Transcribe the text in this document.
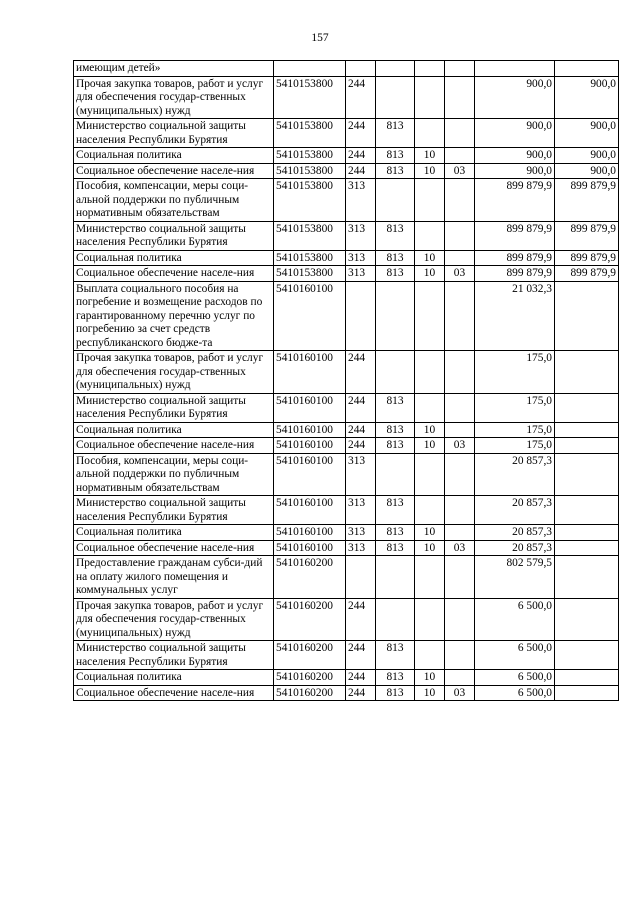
157
имеющим детей»							
Прочая закупка товаров, работ и услуг для обеспечения государ-ственных (муниципальных) нужд	5410153800	244				900,0	900,0
Министерство социальной защиты населения Республики Бурятия	5410153800	244	813			900,0	900,0
Социальная политика	5410153800	244	813	10		900,0	900,0
Социальное обеспечение населе-ния	5410153800	244	813	10	03	900,0	900,0
Пособия, компенсации, меры соци-альной поддержки по публичным нормативным обязательствам	5410153800	313				899 879,9	899 879,9
Министерство социальной защиты населения Республики Бурятия	5410153800	313	813			899 879,9	899 879,9
Социальная политика	5410153800	313	813	10		899 879,9	899 879,9
Социальное обеспечение населе-ния	5410153800	313	813	10	03	899 879,9	899 879,9
Выплата социального пособия на погребение и возмещение расходов по гарантированному перечню услуг по погребению за счет средств республиканского бюдже-та	5410160100					21 032,3	
Прочая закупка товаров, работ и услуг для обеспечения государ-ственных (муниципальных) нужд	5410160100	244				175,0	
Министерство социальной защиты населения Республики Бурятия	5410160100	244	813			175,0	
Социальная политика	5410160100	244	813	10		175,0	
Социальное обеспечение населе-ния	5410160100	244	813	10	03	175,0	
Пособия, компенсации, меры соци-альной поддержки по публичным нормативным обязательствам	5410160100	313				20 857,3	
Министерство социальной защиты населения Республики Бурятия	5410160100	313	813			20 857,3	
Социальная политика	5410160100	313	813	10		20 857,3	
Социальное обеспечение населе-ния	5410160100	313	813	10	03	20 857,3	
Предоставление гражданам субси-дий на оплату жилого помещения и коммунальных услуг	5410160200					802 579,5	
Прочая закупка товаров, работ и услуг для обеспечения государ-ственных (муниципальных) нужд	5410160200	244				6 500,0	
Министерство социальной защиты населения Республики Бурятия	5410160200	244	813			6 500,0	
Социальная политика	5410160200	244	813	10		6 500,0	
Социальное обеспечение населе-ния	5410160200	244	813	10	03	6 500,0	
